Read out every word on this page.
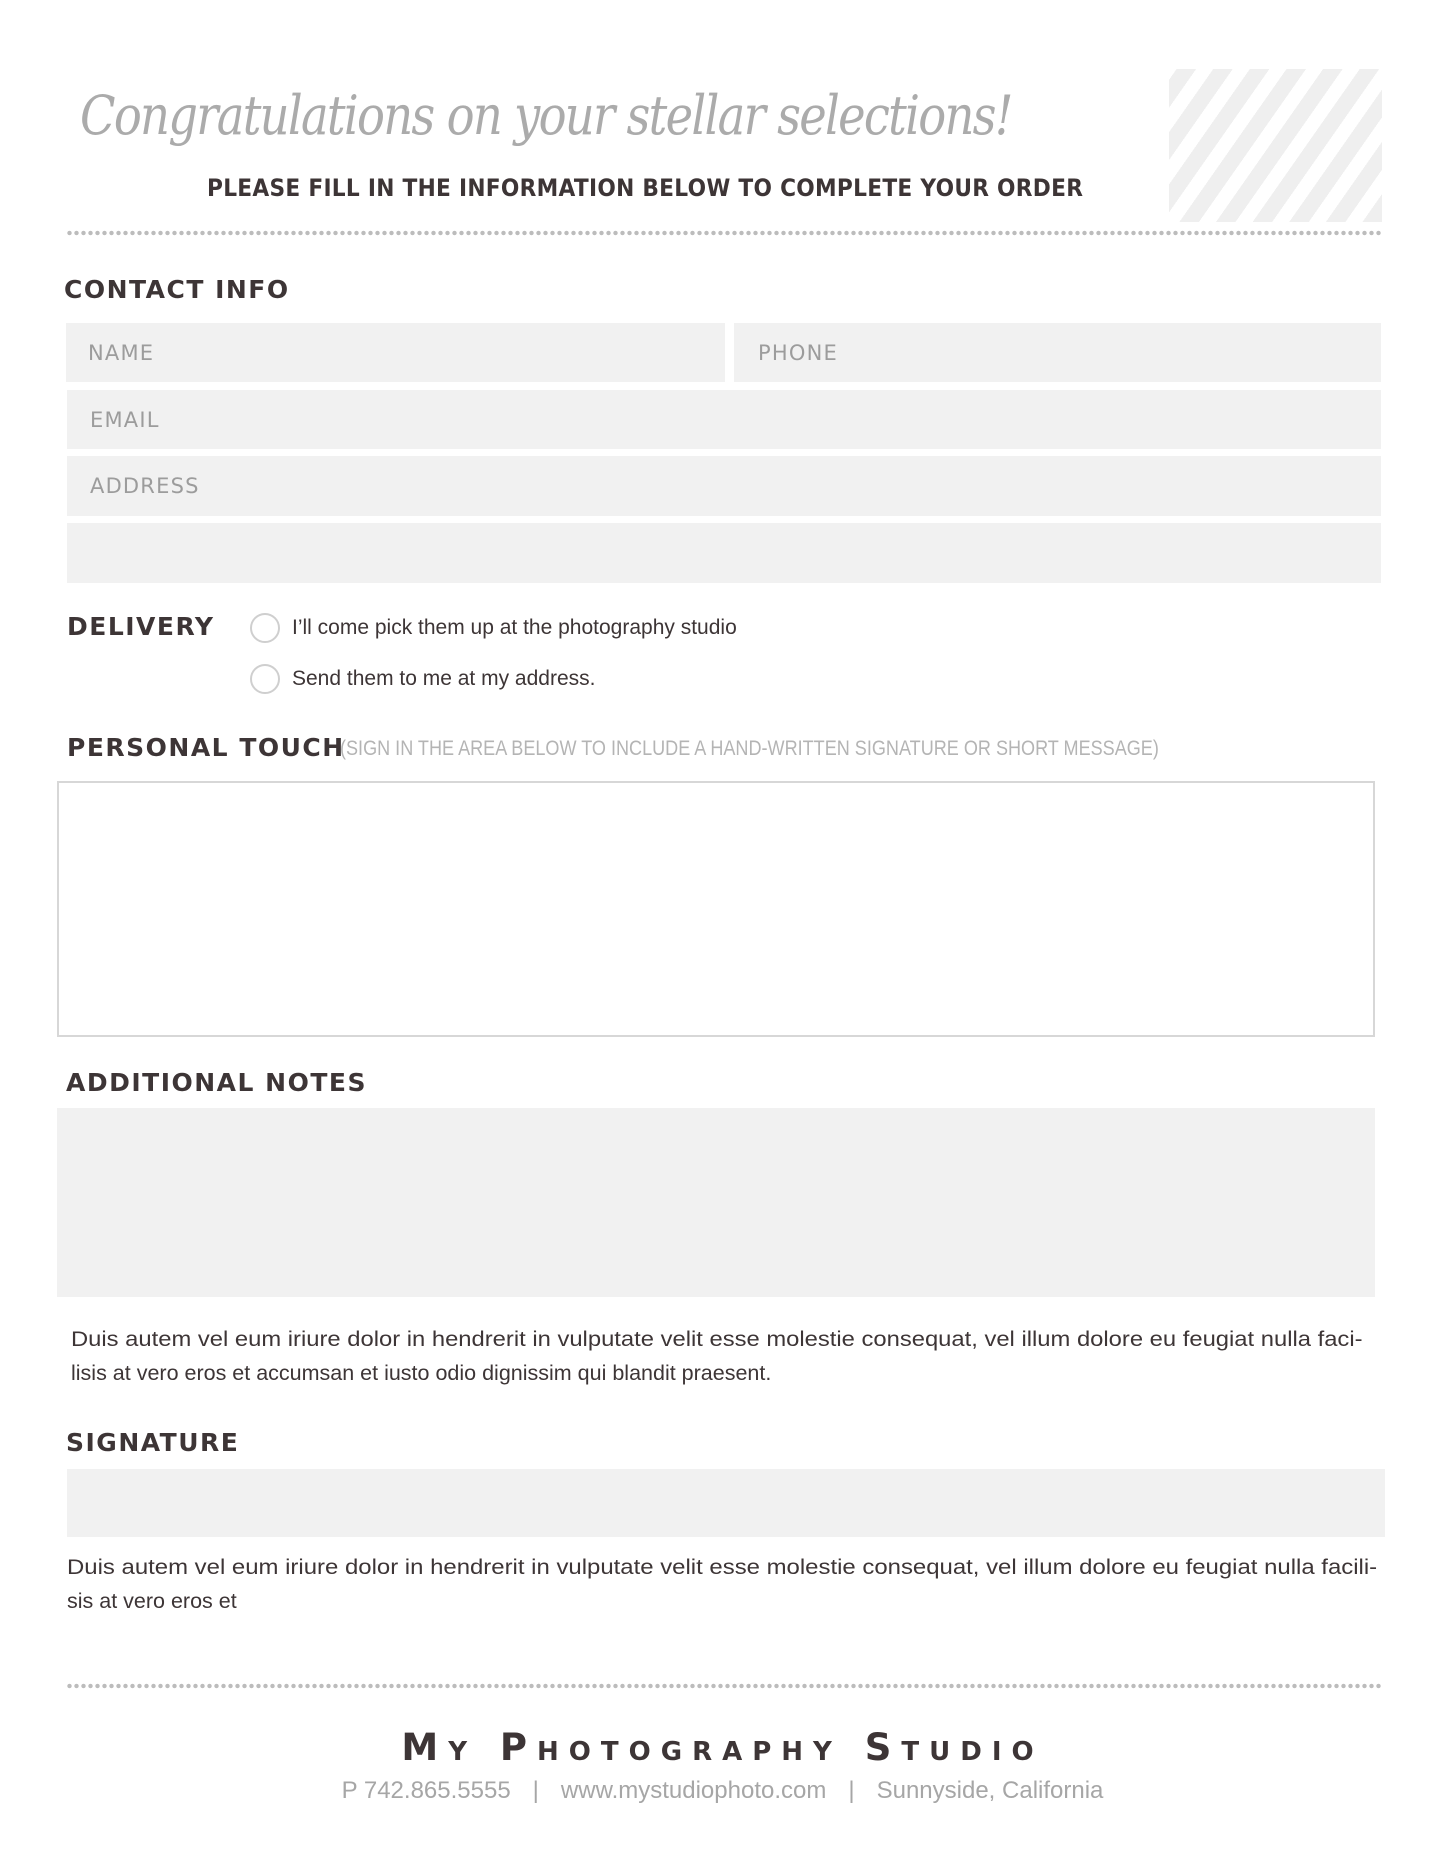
Congratulations on your stellar selections!
PLEASE FILL IN THE INFORMATION BELOW TO COMPLETE YOUR ORDER
CONTACT INFO
NAME	PHONE
EMAIL
ADDRESS
DELIVERY	I’ll come pick them up at the photography studio
Send them to me at my address.
PERSONAL TOUCH
(SIGN IN THE AREA BELOW TO INCLUDE A HAND-WRITTEN SIGNATURE OR SHORT MESSAGE)
ADDITIONAL NOTES
Duis autem vel eum iriure dolor in hendrerit in vulputate velit esse molestie consequat, vel illum dolore eu feugiat nulla faci-
lisis at vero eros et accumsan et iusto odio dignissim qui blandit praesent.
SIGNATURE
Duis autem vel eum iriure dolor in hendrerit in vulputate velit esse molestie consequat, vel illum dolore eu feugiat nulla facili-
sis at vero eros et
My Photography Studio
P 742.865.5555 | www.mystudiophoto.com | Sunnyside, California
